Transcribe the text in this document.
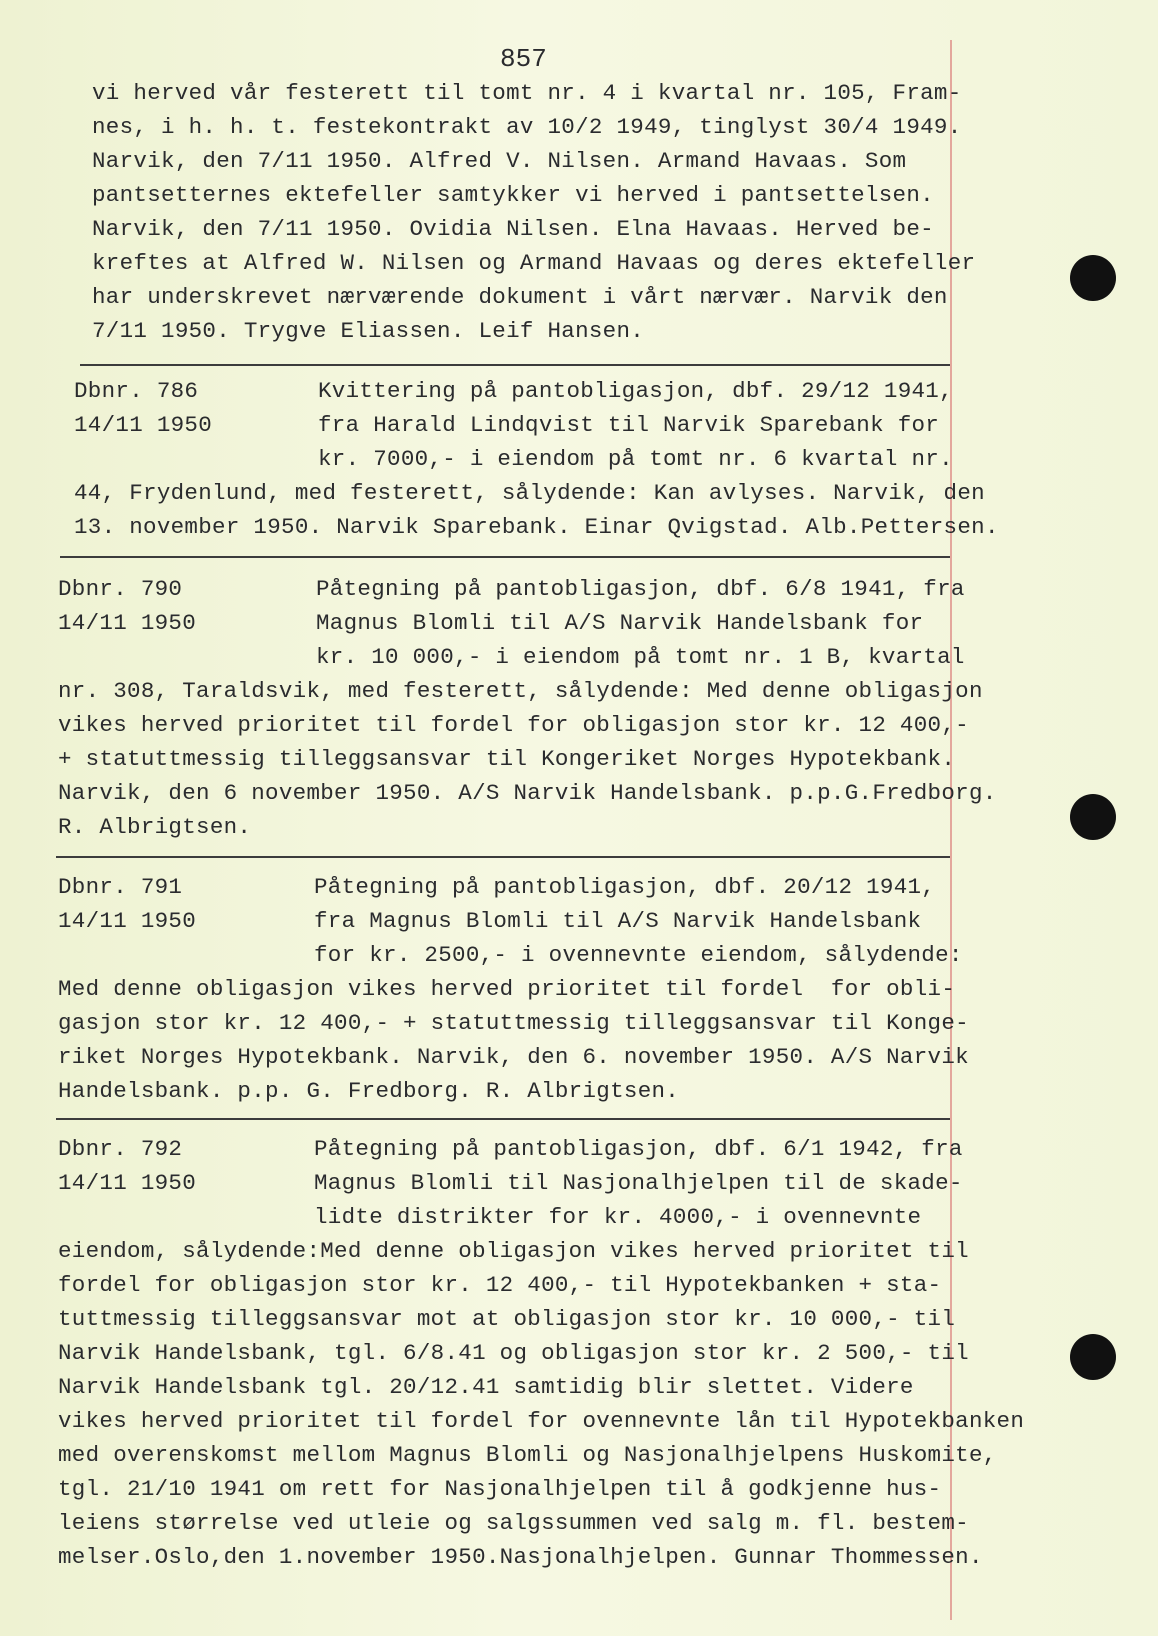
857
vi herved vår festerett til tomt nr. 4 i kvartal nr. 105, Fram-
nes, i h. h. t. festekontrakt av 10/2 1949, tinglyst 30/4 1949.
Narvik, den 7/11 1950. Alfred V. Nilsen. Armand Havaas. Som
pantsetternes ektefeller samtykker vi herved i pantsettelsen.
Narvik, den 7/11 1950. Ovidia Nilsen. Elna Havaas. Herved be-
kreftes at Alfred W. Nilsen og Armand Havaas og deres ektefeller
har underskrevet nærværende dokument i vårt nærvær. Narvik den
7/11 1950. Trygve Eliassen. Leif Hansen.
Dbnr. 786
14/11 1950
Kvittering på pantobligasjon, dbf. 29/12 1941,
fra Harald Lindqvist til Narvik Sparebank for
kr. 7000,- i eiendom på tomt nr. 6 kvartal nr.
44, Frydenlund, med festerett, sålydende: Kan avlyses. Narvik, den
13. november 1950. Narvik Sparebank. Einar Qvigstad. Alb.Pettersen.
Dbnr. 790
14/11 1950
Påtegning på pantobligasjon, dbf. 6/8 1941, fra
Magnus Blomli til A/S Narvik Handelsbank for
kr. 10 000,- i eiendom på tomt nr. 1 B, kvartal
nr. 308, Taraldsvik, med festerett, sålydende: Med denne obligasjon
vikes herved prioritet til fordel for obligasjon stor kr. 12 400,-
+ statuttmessig tilleggsansvar til Kongeriket Norges Hypotekbank.
Narvik, den 6 november 1950. A/S Narvik Handelsbank. p.p.G.Fredborg.
R. Albrigtsen.
Dbnr. 791
14/11 1950
Påtegning på pantobligasjon, dbf. 20/12 1941,
fra Magnus Blomli til A/S Narvik Handelsbank
for kr. 2500,- i ovennevnte eiendom, sålydende:
Med denne obligasjon vikes herved prioritet til fordel  for obli-
gasjon stor kr. 12 400,- + statuttmessig tilleggsansvar til Konge-
riket Norges Hypotekbank. Narvik, den 6. november 1950. A/S Narvik
Handelsbank. p.p. G. Fredborg. R. Albrigtsen.
Dbnr. 792
14/11 1950
Påtegning på pantobligasjon, dbf. 6/1 1942, fra
Magnus Blomli til Nasjonalhjelpen til de skade-
lidte distrikter for kr. 4000,- i ovennevnte
eiendom, sålydende:Med denne obligasjon vikes herved prioritet til
fordel for obligasjon stor kr. 12 400,- til Hypotekbanken + sta-
tuttmessig tilleggsansvar mot at obligasjon stor kr. 10 000,- til
Narvik Handelsbank, tgl. 6/8.41 og obligasjon stor kr. 2 500,- til
Narvik Handelsbank tgl. 20/12.41 samtidig blir slettet. Videre
vikes herved prioritet til fordel for ovennevnte lån til Hypotekbanken
med overenskomst mellom Magnus Blomli og Nasjonalhjelpens Huskomite,
tgl. 21/10 1941 om rett for Nasjonalhjelpen til å godkjenne hus-
leiens størrelse ved utleie og salgssummen ved salg m. fl. bestem-
melser.Oslo,den 1.november 1950.Nasjonalhjelpen. Gunnar Thommessen.
